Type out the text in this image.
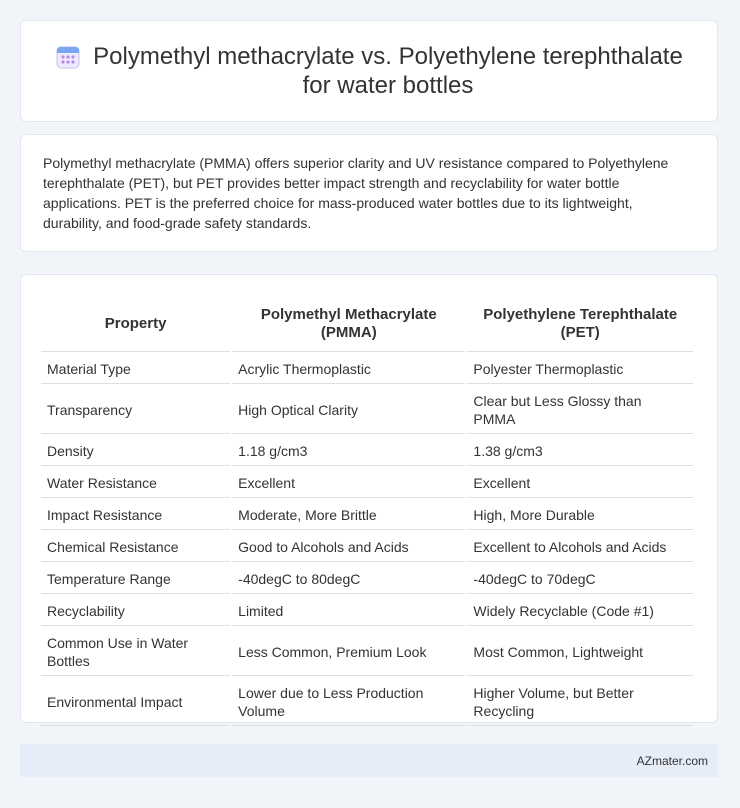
Polymethyl methacrylate vs. Polyethylene terephthalate for water bottles

Polymethyl methacrylate (PMMA) offers superior clarity and UV resistance compared to Polyethylene terephthalate (PET), but PET provides better impact strength and recyclability for water bottle applications. PET is the preferred choice for mass-produced water bottles due to its lightweight, durability, and food-grade safety standards.

Property	Polymethyl Methacrylate (PMMA)	Polyethylene Terephthalate (PET)
Material Type	Acrylic Thermoplastic	Polyester Thermoplastic
Transparency	High Optical Clarity	Clear but Less Glossy than PMMA
Density	1.18 g/cm3	1.38 g/cm3
Water Resistance	Excellent	Excellent
Impact Resistance	Moderate, More Brittle	High, More Durable
Chemical Resistance	Good to Alcohols and Acids	Excellent to Alcohols and Acids
Temperature Range	-40degC to 80degC	-40degC to 70degC
Recyclability	Limited	Widely Recyclable (Code #1)
Common Use in Water Bottles	Less Common, Premium Look	Most Common, Lightweight
Environmental Impact	Lower due to Less Production Volume	Higher Volume, but Better Recycling
AZmater.com
